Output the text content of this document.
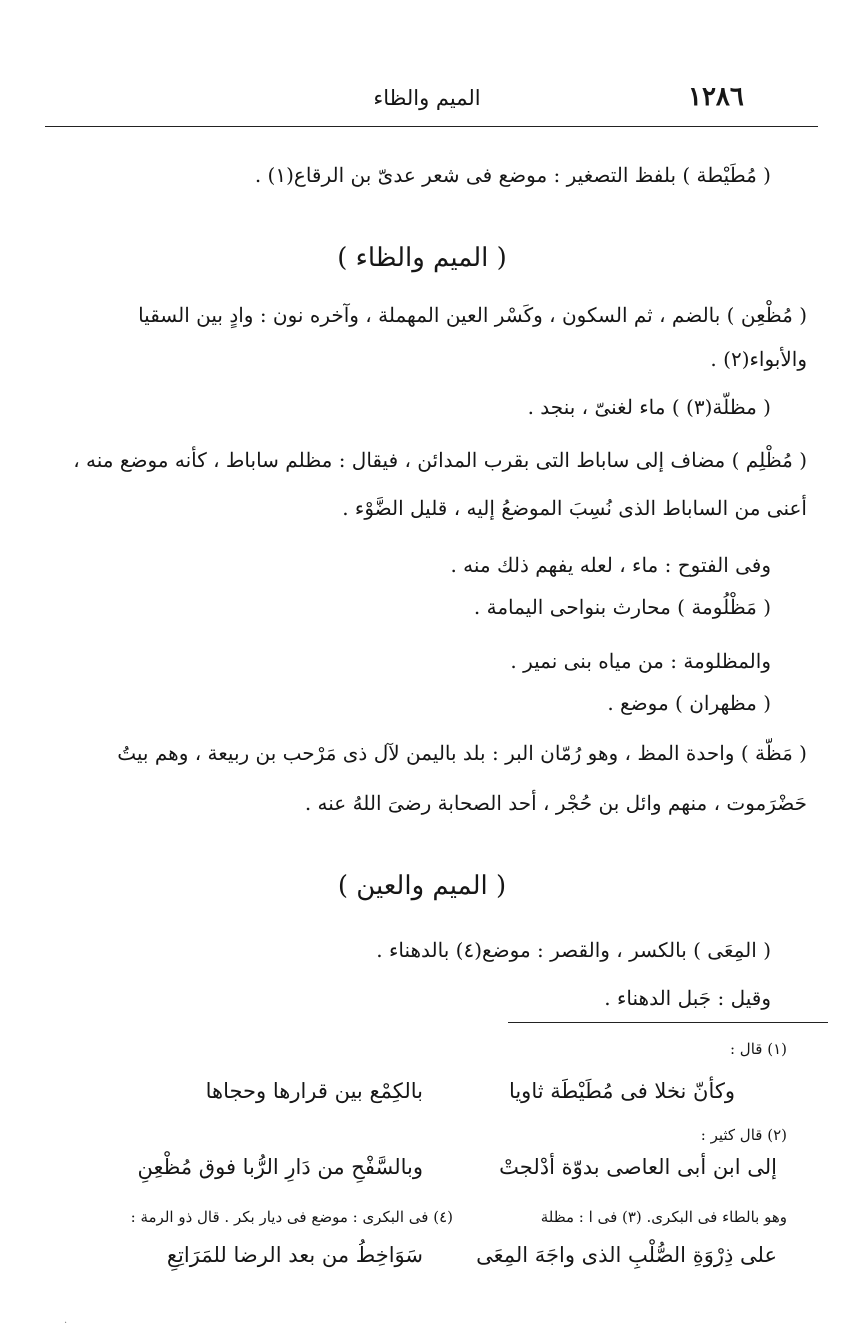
١٢٨٦
الميم والظاء
( مُطَيْطة ) بلفظ التصغير : موضع فى شعر عدىّ بن الرقاع(١) .
( الميم والظاء )
( مُظْعِن ) بالضم ، ثم السكون ، وكَسْر العين المهملة ، وآخره نون : وادٍ بين السقيا
والأبواء(٢) .
( مظلّة(٣) ) ماء لغنىّ ، بنجد .
( مُظْلِم ) مضاف إلى ساباط التى بقرب المدائن ، فيقال : مظلم ساباط ، كأنه موضع منه ،
أعنى من الساباط الذى نُسِبَ الموضعُ إليه ، قليل الضَّوْء .
وفى الفتوح : ماء ، لعله يفهم ذلك منه .
( مَظْلُومة ) محارث بنواحى اليمامة .
والمظلومة : من مياه بنى نمير .
( مظهران ) موضع .
( مَظّة ) واحدة المظ ، وهو رُمّان البر : بلد باليمن لآل ذى مَرْحب بن ربيعة ، وهم بيتُ
حَضْرَموت ، منهم وائل بن حُجْر ، أحد الصحابة رضىَ اللهُ عنه .
( الميم والعين )
( المِعَى ) بالكسر ، والقصر : موضع(٤) بالدهناء .
وقيل : جَبل الدهناء .
(١) قال :
وكأنّ نخلا فى مُطَيْطَة ثاويا
بالكِمْع بين قرارها وحجاها
(٢) قال كثير :
إلى ابن أبى العاصى بدوّة أدْلجتْ
وبالسَّفْحِ من دَارِ الرُّبا فوق مُظْعِنِ
وهو بالطاء فى البكرى. (٣) فى ا : مظلة
(٤) فى البكرى : موضع فى ديار بكر . قال ذو الرمة :
على ذِرْوَةِ الصُّلْبِ الذى واجَهَ المِعَى
سَوَاخِطُ من بعد الرضا للمَرَاتِعِ
·
